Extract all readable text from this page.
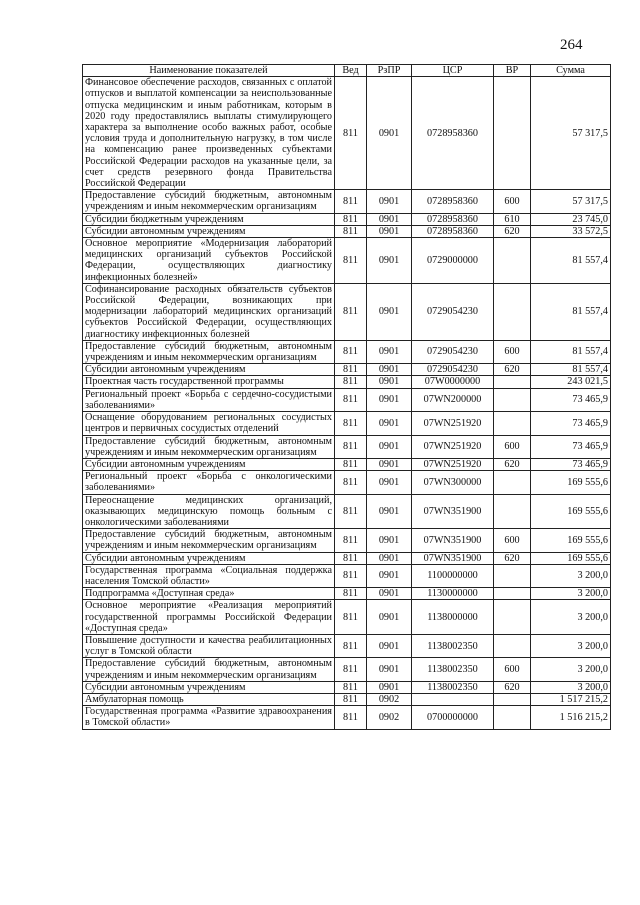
264
Наименование показателей	Вед	РзПР	ЦСР	ВР	Сумма
Финансовое обеспечение расходов, связанных с оплатой отпусков и выплатой компенсации за неиспользованные отпуска медицинским и иным работникам, которым в 2020 году предоставлялись выплаты стимулирующего характера за выполнение особо важных работ, особые условия труда и дополнительную нагрузку, в том числе на компенсацию ранее произведенных субъектами Российской Федерации расходов на указанные цели, за счет средств резервного фонда Правительства Российской Федерации	811	0901	0728958360		57 317,5
Предоставление субсидий бюджетным, автономным учреждениям и иным некоммерческим организациям	811	0901	0728958360	600	57 317,5
Субсидии бюджетным учреждениям	811	0901	0728958360	610	23 745,0
Субсидии автономным учреждениям	811	0901	0728958360	620	33 572,5
Основное мероприятие «Модернизация лабораторий медицинских организаций субъектов Российской Федерации, осуществляющих диагностику инфекционных болезней»	811	0901	0729000000		81 557,4
Софинансирование расходных обязательств субъектов Российской Федерации, возникающих при модернизации лабораторий медицинских организаций субъектов Российской Федерации, осуществляющих диагностику инфекционных болезней	811	0901	0729054230		81 557,4
Предоставление субсидий бюджетным, автономным учреждениям и иным некоммерческим организациям	811	0901	0729054230	600	81 557,4
Субсидии автономным учреждениям	811	0901	0729054230	620	81 557,4
Проектная часть государственной программы	811	0901	07W0000000		243 021,5
Региональный проект «Борьба с сердечно-сосудистыми заболеваниями»	811	0901	07WN200000		73 465,9
Оснащение оборудованием региональных сосудистых центров и первичных сосудистых отделений	811	0901	07WN251920		73 465,9
Предоставление субсидий бюджетным, автономным учреждениям и иным некоммерческим организациям	811	0901	07WN251920	600	73 465,9
Субсидии автономным учреждениям	811	0901	07WN251920	620	73 465,9
Региональный проект «Борьба с онкологическими заболеваниями»	811	0901	07WN300000		169 555,6
Переоснащение медицинских организаций, оказывающих медицинскую помощь больным с онкологическими заболеваниями	811	0901	07WN351900		169 555,6
Предоставление субсидий бюджетным, автономным учреждениям и иным некоммерческим организациям	811	0901	07WN351900	600	169 555,6
Субсидии автономным учреждениям	811	0901	07WN351900	620	169 555,6
Государственная программа «Социальная поддержка населения Томской области»	811	0901	1100000000		3 200,0
Подпрограмма «Доступная среда»	811	0901	1130000000		3 200,0
Основное мероприятие «Реализация мероприятий государственной программы Российской Федерации «Доступная среда»	811	0901	1138000000		3 200,0
Повышение доступности и качества реабилитационных услуг в Томской области	811	0901	1138002350		3 200,0
Предоставление субсидий бюджетным, автономным учреждениям и иным некоммерческим организациям	811	0901	1138002350	600	3 200,0
Субсидии автономным учреждениям	811	0901	1138002350	620	3 200,0
Амбулаторная помощь	811	0902			1 517 215,2
Государственная программа «Развитие здравоохранения в Томской области»	811	0902	0700000000		1 516 215,2
